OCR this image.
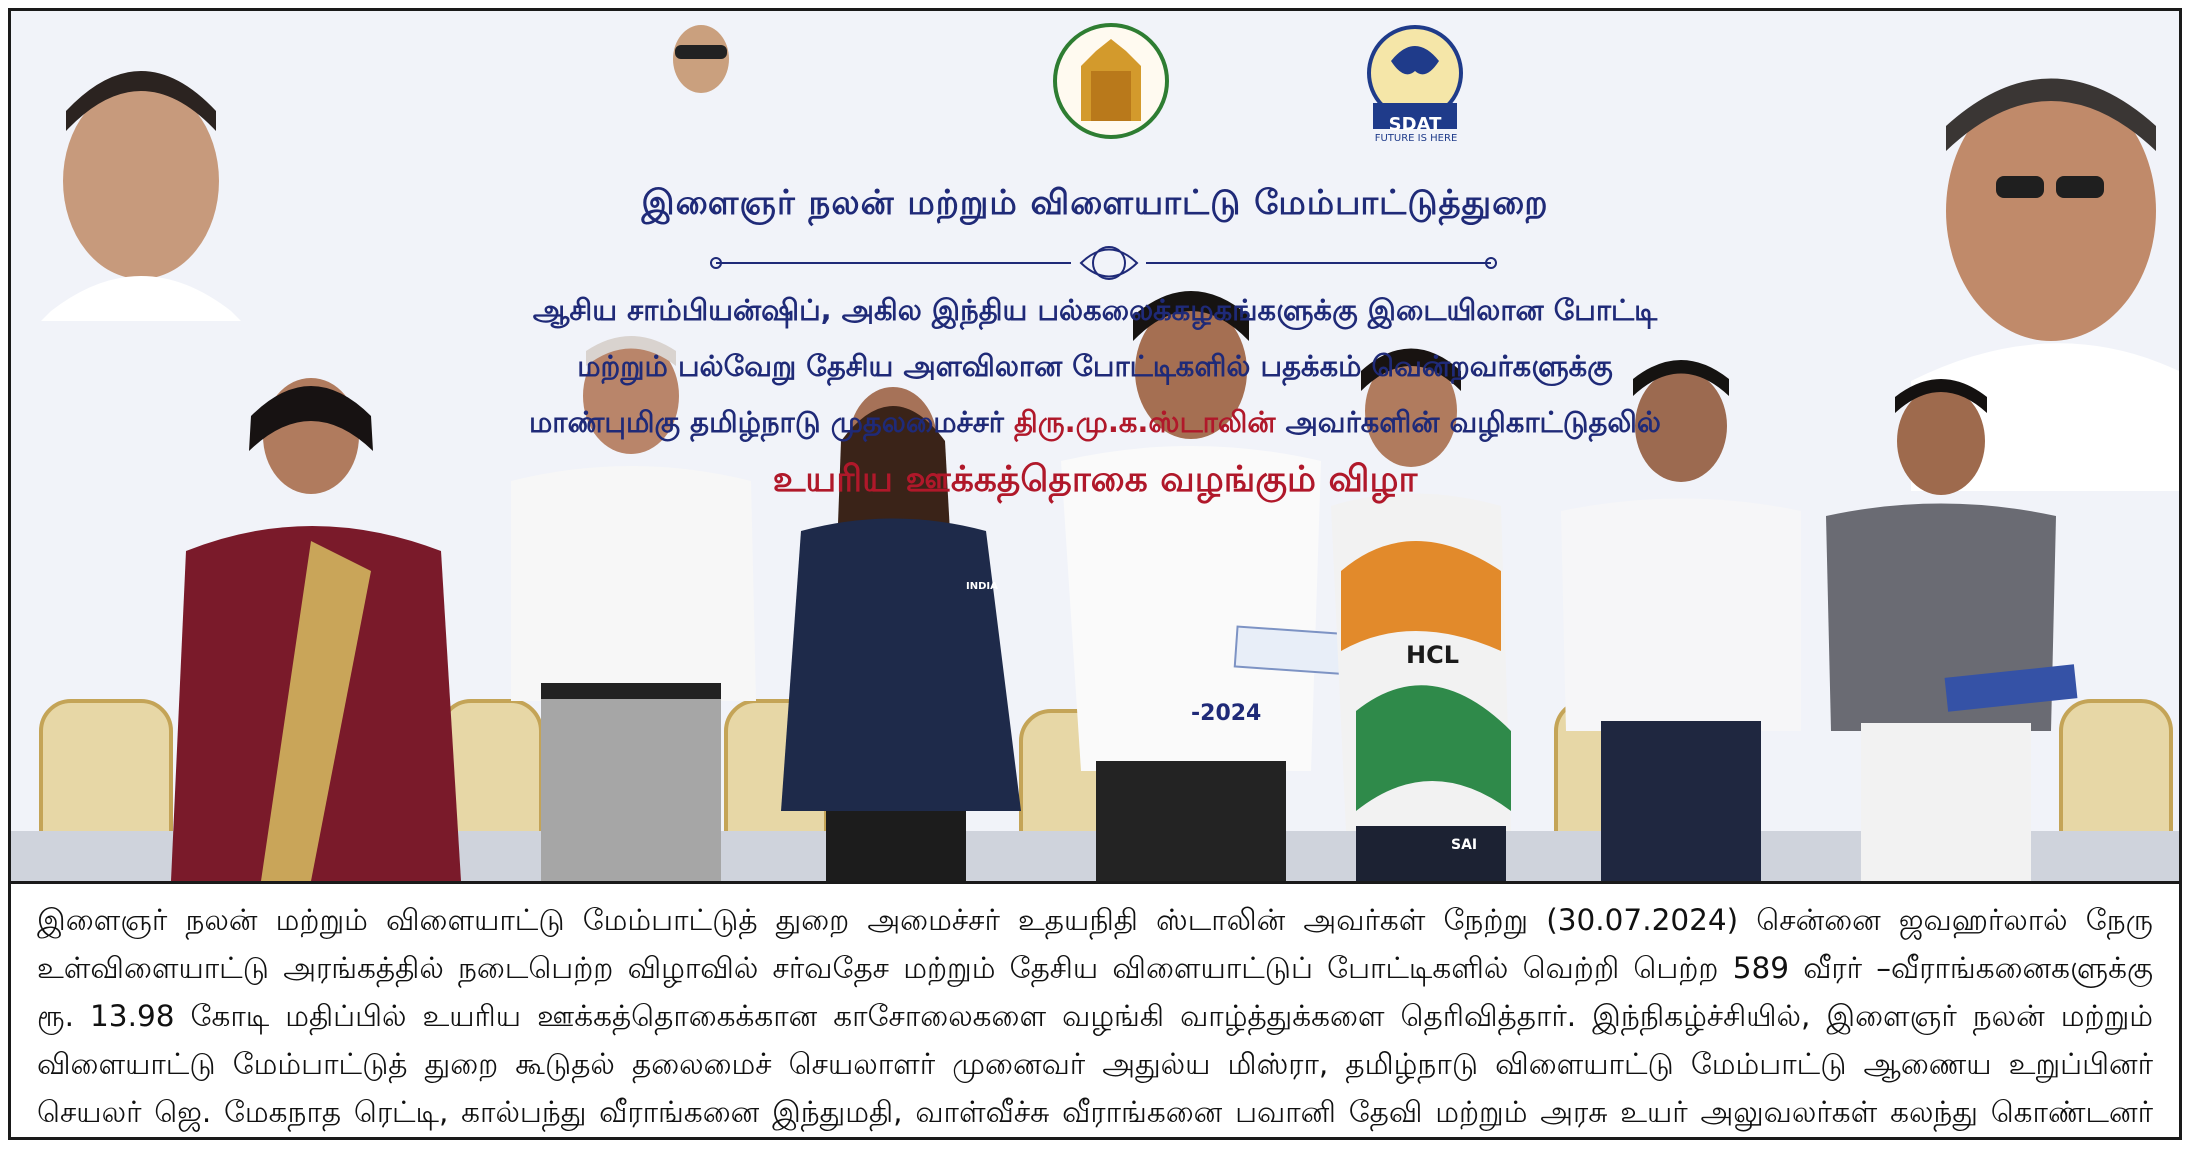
இளைஞர் நலன் மற்றும் விளையாட்டு மேம்பாட்டுத்துறை
ஆசிய சாம்பியன்ஷிப், அகில இந்திய பல்கலைக்கழகங்களுக்கு இடையிலான போட்டி
மற்றும் பல்வேறு தேசிய அளவிலான போட்டிகளில் பதக்கம் வென்றவர்களுக்கு
மாண்புமிகு தமிழ்நாடு முதலமைச்சர் திரு.மு.க.ஸ்டாலின் அவர்களின் வழிகாட்டுதலில்
உயரிய ஊக்கத்தொகை வழங்கும் விழா
-2024
SDAT
FUTURE IS HERE
HCL
INDIA
SAI

இளைஞர் நலன் மற்றும் விளையாட்டு மேம்பாட்டுத் துறை அமைச்சர் உதயநிதி ஸ்டாலின் அவர்கள் நேற்று (30.07.2024) சென்னை ஜவஹர்லால் நேரு

உள்விளையாட்டு அரங்கத்தில் நடைபெற்ற விழாவில் சர்வதேச மற்றும் தேசிய விளையாட்டுப் போட்டிகளில் வெற்றி பெற்ற 589 வீரர் –வீராங்கனைகளுக்கு

ரூ. 13.98 கோடி மதிப்பில் உயரிய ஊக்கத்தொகைக்கான காசோலைகளை வழங்கி வாழ்த்துக்களை தெரிவித்தார். இந்நிகழ்ச்சியில், இளைஞர் நலன் மற்றும்

விளையாட்டு மேம்பாட்டுத் துறை கூடுதல் தலைமைச் செயலாளர் முனைவர் அதுல்ய மிஸ்ரா, தமிழ்நாடு விளையாட்டு மேம்பாட்டு ஆணைய உறுப்பினர்

செயலர் ஜெ. மேகநாத ரெட்டி, கால்பந்து வீராங்கனை இந்துமதி, வாள்வீச்சு வீராங்கனை பவானி தேவி மற்றும் அரசு உயர் அலுவலர்கள் கலந்து கொண்டனர்
